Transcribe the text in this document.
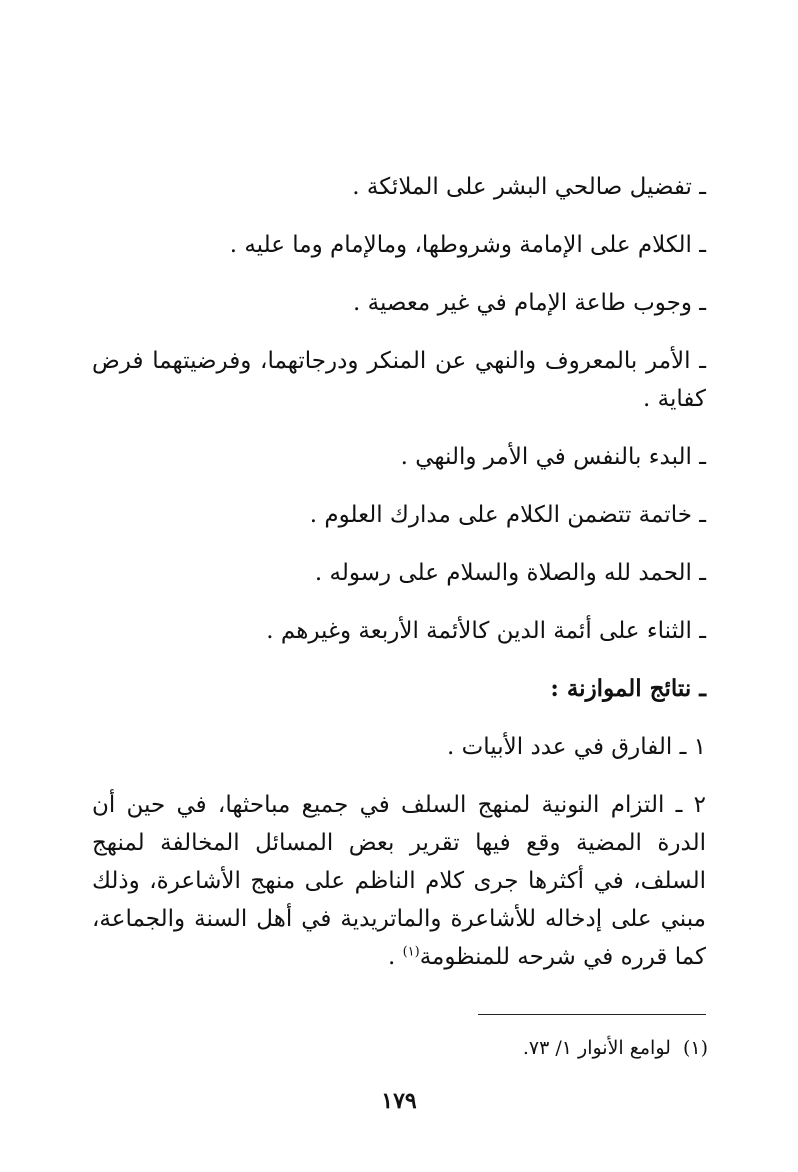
ـ تفضيل صالحي البشر على الملائكة .

ـ الكلام على الإمامة وشروطها، ومالإمام وما عليه .

ـ وجوب طاعة الإمام في غير معصية .

ـ الأمر بالمعروف والنهي عن المنكر ودرجاتهما، وفرضيتهما فرض كفاية .

ـ البدء بالنفس في الأمر والنهي .

ـ خاتمة تتضمن الكلام على مدارك العلوم .

ـ الحمد لله والصلاة والسلام على رسوله .

ـ الثناء على أئمة الدين كالأئمة الأربعة وغيرهم .

ـ نتائج الموازنة :

١ ـ الفارق في عدد الأبيات .

٢ ـ التزام النونية لمنهج السلف في جميع مباحثها، في حين أن الدرة المضية وقع فيها تقرير بعض المسائل المخالفة لمنهج السلف، في أكثرها جرى كلام الناظم على منهج الأشاعرة، وذلك مبني على إدخاله للأشاعرة والماتريدية في أهل السنة والجماعة، كما قرره في شرحه للمنظومة$^{(١)}$ .

(١)لوامع الأنوار ١/ ٧٣.
١٧٩
